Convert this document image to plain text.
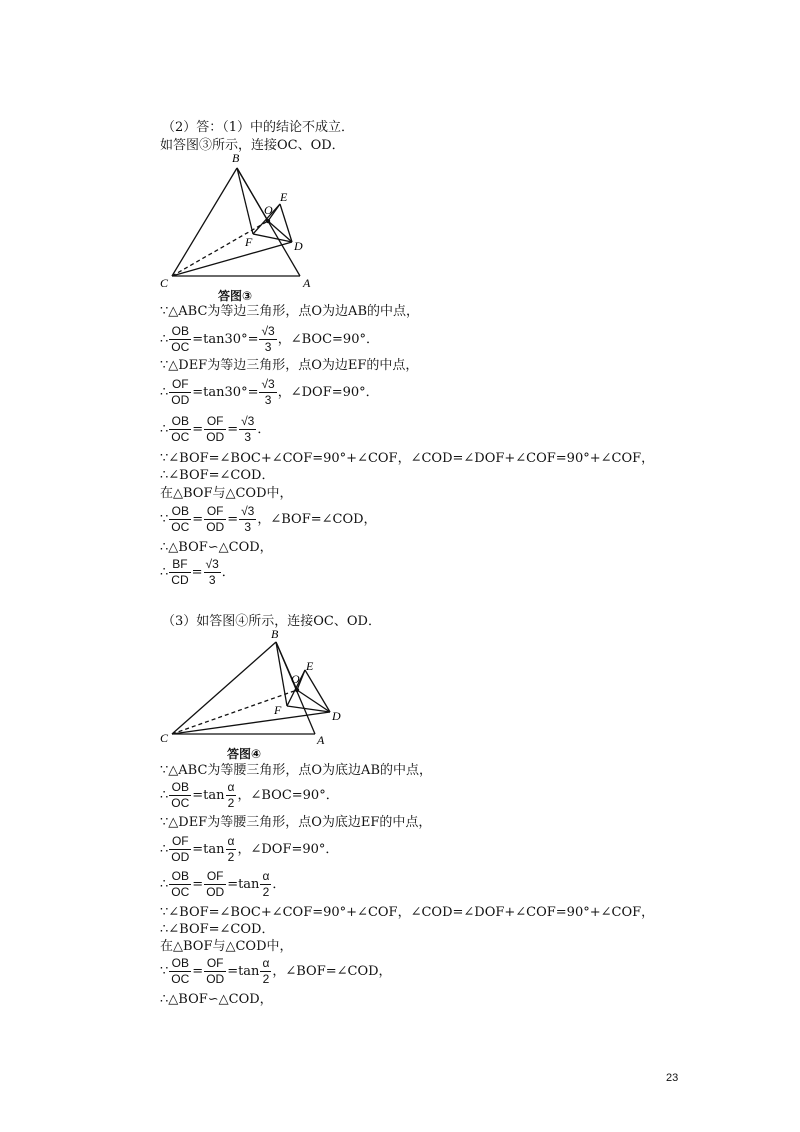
（2）答：（1）中的结论不成立．
如答图③所示，连接OC、OD．
B
E
O
F	D
C	A
答图③
∵△ABC为等边三角形，点O为边AB的中点，
∴ $\frac{OB}{OC} =\tan 30^\circ= \frac{√3}{3}$ ，∠BOC=90°．
∵△DEF为等边三角形，点O为边EF的中点，
∴ $\frac{OF}{OD} =\tan 30^\circ= \frac{√3}{3}$ ，∠DOF=90°．
∴ $\frac{OB}{OC} = \frac{OF}{OD} = \frac{√3}{3}$ ．
∵∠BOF=∠BOC+∠COF=90°+∠COF，∠COD=∠DOF+∠COF=90°+∠COF，
∴∠BOF=∠COD．
在△BOF与△COD中，
∵ $\frac{OB}{OC} = \frac{OF}{OD} = \frac{√3}{3}$ ，∠BOF=∠COD，
∴△BOF∽△COD，
∴ $\frac{BF}{CD} = \frac{√3}{3}$ ．
（3）如答图④所示，连接OC、OD．
B
E
O
F	D
C	A
答图④
∵△ABC为等腰三角形，点O为底边AB的中点，
∴ $\frac{OB}{OC} =\tan \frac{\alpha}{2}$ ，∠BOC=90°．
∵△DEF为等腰三角形，点O为底边EF的中点，
∴ $\frac{OF}{OD} =\tan \frac{\alpha}{2}$ ，∠DOF=90°．
∴ $\frac{OB}{OC} = \frac{OF}{OD} =\tan \frac{\alpha}{2}$ ．
∵∠BOF=∠BOC+∠COF=90°+∠COF，∠COD=∠DOF+∠COF=90°+∠COF，
∴∠BOF=∠COD．
在△BOF与△COD中，
∵ $\frac{OB}{OC} = \frac{OF}{OD} =\tan \frac{\alpha}{2}$ ，∠BOF=∠COD，
∴△BOF∽△COD，
23
